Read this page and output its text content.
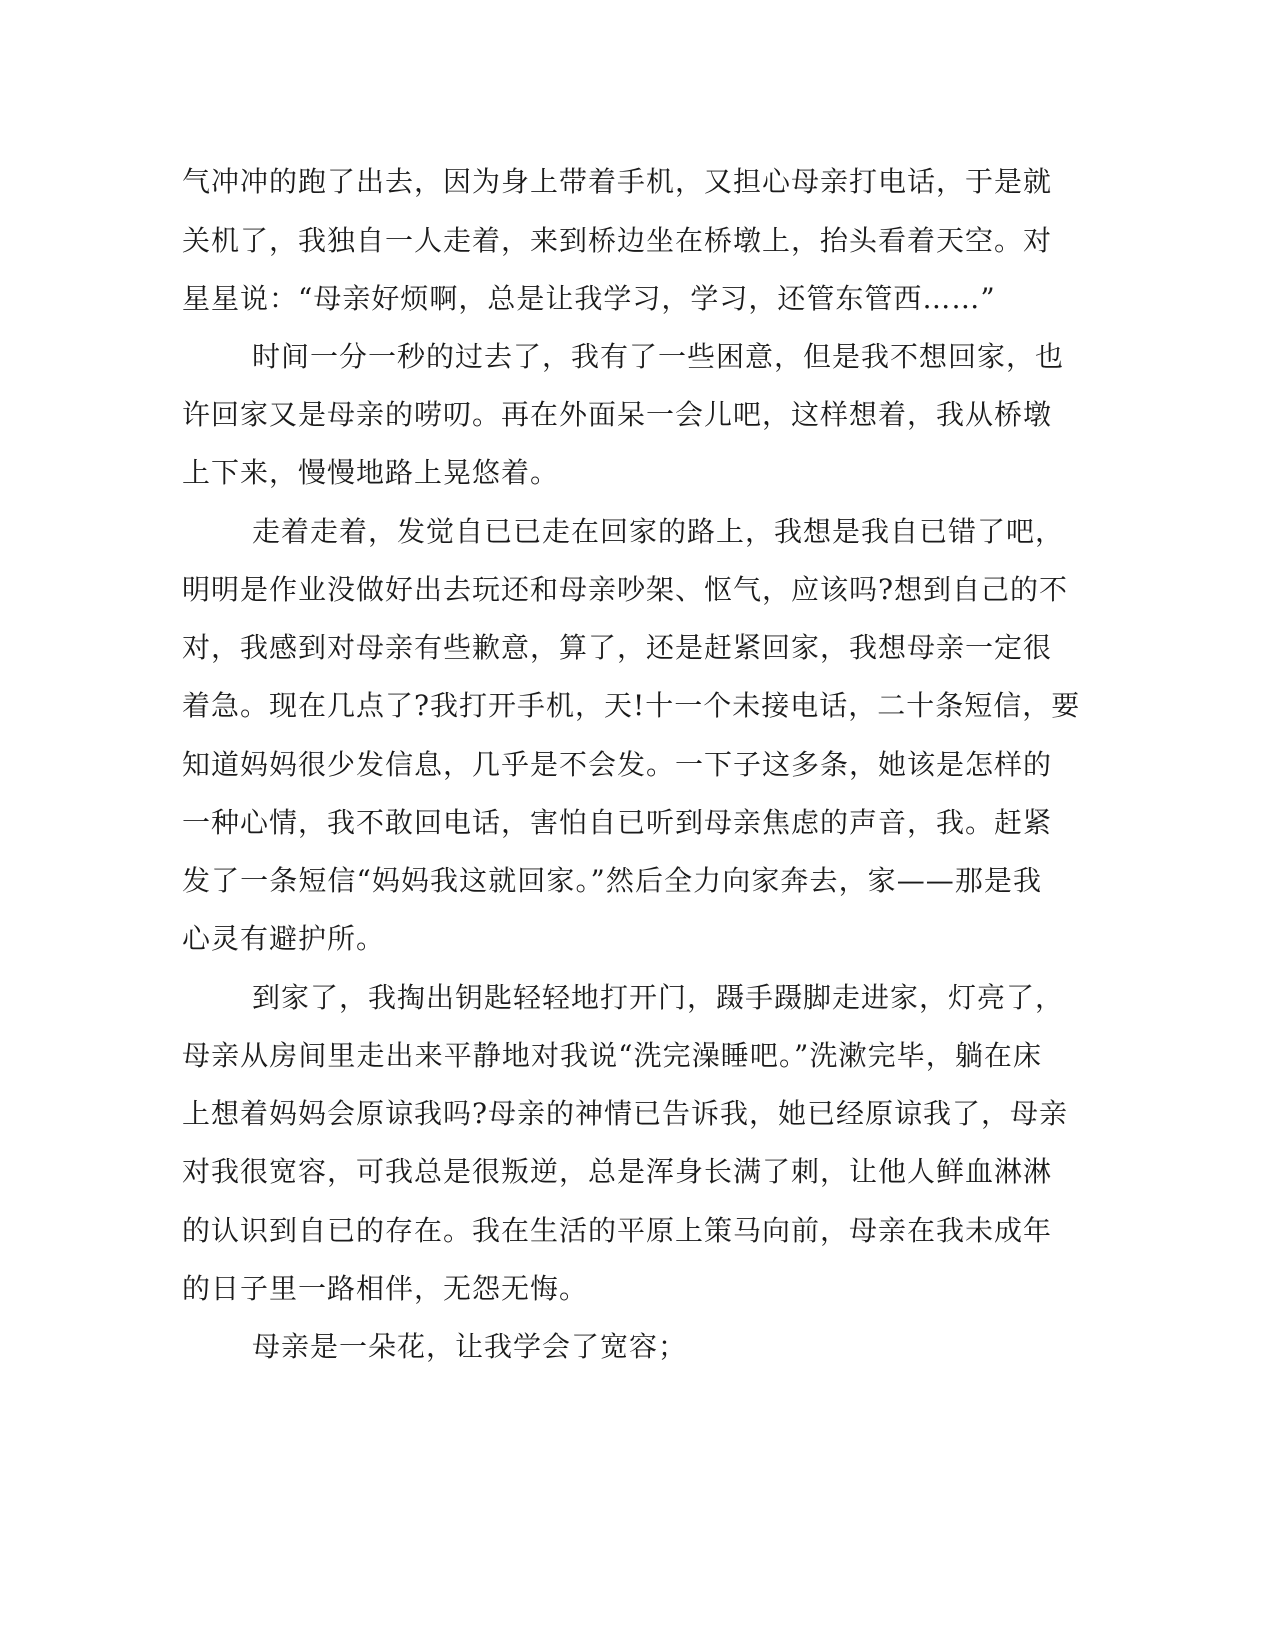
气冲冲的跑了出去，因为身上带着手机，又担心母亲打电话，于是就
关机了，我独自一人走着，来到桥边坐在桥墩上，抬头看着天空。对
星星说：“母亲好烦啊，总是让我学习，学习，还管东管西……”
时间一分一秒的过去了，我有了一些困意，但是我不想回家，也
许回家又是母亲的唠叨。再在外面呆一会儿吧，这样想着，我从桥墩
上下来，慢慢地路上晃悠着。
走着走着，发觉自已已走在回家的路上，我想是我自已错了吧，
明明是作业没做好出去玩还和母亲吵架、怄气，应该吗?想到自己的不
对，我感到对母亲有些歉意，算了，还是赶紧回家，我想母亲一定很
着急。现在几点了?我打开手机，天!十一个未接电话，二十条短信，要
知道妈妈很少发信息，几乎是不会发。一下子这多条，她该是怎样的
一种心情，我不敢回电话，害怕自已听到母亲焦虑的声音，我。赶紧
发了一条短信“妈妈我这就回家。”然后全力向家奔去，家——那是我
心灵有避护所。
到家了，我掏出钥匙轻轻地打开门，蹑手蹑脚走进家，灯亮了，
母亲从房间里走出来平静地对我说“洗完澡睡吧。”洗漱完毕，躺在床
上想着妈妈会原谅我吗?母亲的神情已告诉我，她已经原谅我了，母亲
对我很宽容，可我总是很叛逆，总是浑身长满了刺，让他人鲜血淋淋
的认识到自已的存在。我在生活的平原上策马向前，母亲在我未成年
的日子里一路相伴，无怨无悔。
母亲是一朵花，让我学会了宽容；
